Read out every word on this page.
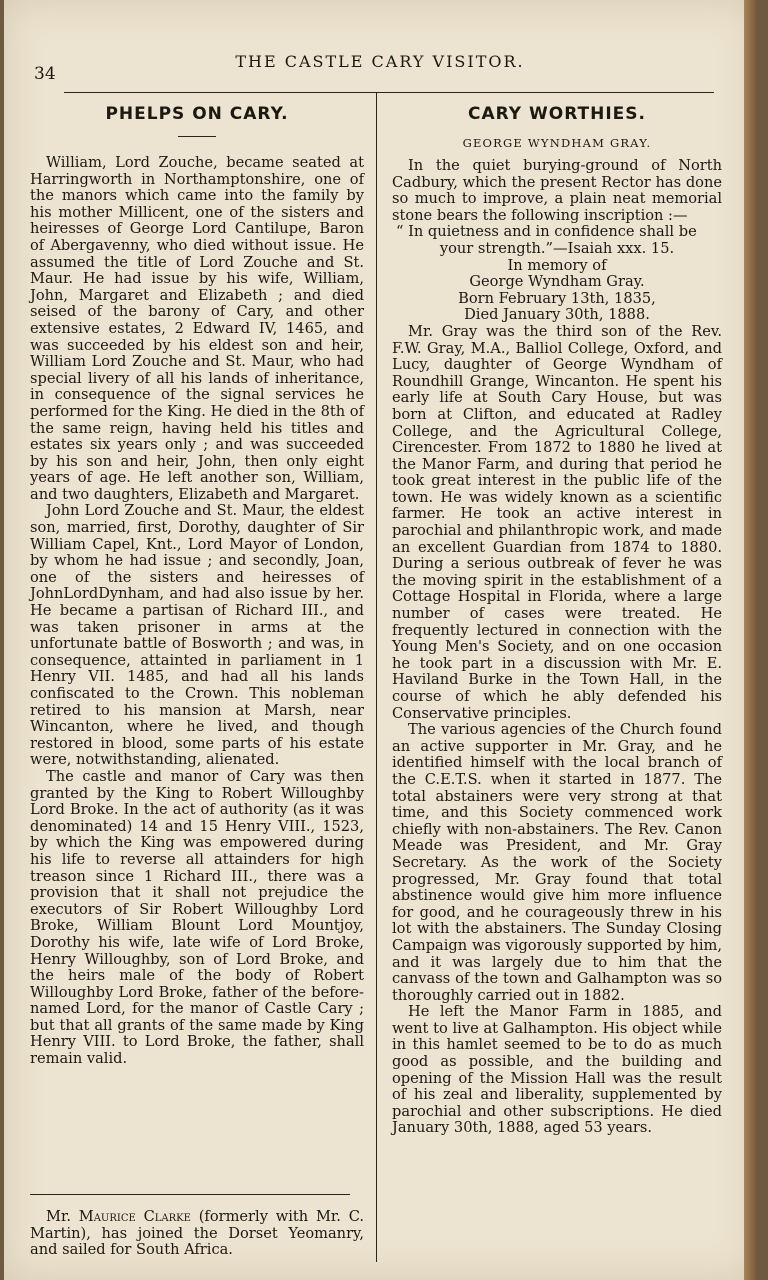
34
THE CASTLE CARY VISITOR.
PHELPS ON CARY.

William, Lord Zouche, became seated at Harringworth in Northamptonshire, one of the manors which came into the family by his mother Millicent, one of the sisters and heiresses of George Lord Cantilupe, Baron of Abergavenny, who died without issue. He assumed the title of Lord Zouche and St. Maur. He had issue by his wife, William, John, Margaret and Elizabeth ; and died seised of the barony of Cary, and other extensive estates, 2 Edward IV, 1465, and was succeeded by his eldest son and heir, William Lord Zouche and St. Maur, who had special livery of all his lands of inheritance, in consequence of the signal services he performed for the King. He died in the 8th of the same reign, having held his titles and estates six years only ; and was succeeded by his son and heir, John, then only eight years of age. He left another son, William, and two daughters, Elizabeth and Margaret.

John Lord Zouche and St. Maur, the eldest son, married, first, Dorothy, daughter of Sir William Capel, Knt., Lord Mayor of London, by whom he had issue ; and secondly, Joan, one of the sisters and heiresses of JohnLordDynham, and had also issue by her. He became a partisan of Richard III., and was taken prisoner in arms at the unfortunate battle of Bosworth ; and was, in consequence, attainted in parliament in 1 Henry VII. 1485, and had all his lands confiscated to the Crown. This nobleman retired to his mansion at Marsh, near Wincanton, where he lived, and though restored in blood, some parts of his estate were, notwithstanding, alienated.

The castle and manor of Cary was then granted by the King to Robert Willoughby Lord Broke. In the act of authority (as it was denominated) 14 and 15 Henry VIII., 1523, by which the King was empowered during his life to reverse all attainders for high treason since 1 Richard III., there was a provision that it shall not prejudice the executors of Sir Robert Willoughby Lord Broke, William Blount Lord Mountjoy, Dorothy his wife, late wife of Lord Broke, Henry Willoughby, son of Lord Broke, and the heirs male of the body of Robert Willoughby Lord Broke, father of the before-named Lord, for the manor of Castle Cary ; but that all grants of the same made by King Henry VIII. to Lord Broke, the father, shall remain valid.

Mr. Maurice Clarke (formerly with Mr. C. Martin), has joined the Dorset Yeomanry, and sailed for South Africa.

CARY WORTHIES.
GEORGE WYNDHAM GRAY.

In the quiet burying-ground of North Cadbury, which the present Rector has done so much to improve, a plain neat memorial stone bears the following inscription :—

“ In quietness and in confidence shall be

your strength.”—Isaiah xxx. 15.

In memory of

George Wyndham Gray.

Born February 13th, 1835,

Died January 30th, 1888.

Mr. Gray was the third son of the Rev. F.W. Gray, M.A., Balliol College, Oxford, and Lucy, daughter of George Wyndham of Roundhill Grange, Wincanton. He spent his early life at South Cary House, but was born at Clifton, and educated at Radley College, and the Agricultural College, Cirencester. From 1872 to 1880 he lived at the Manor Farm, and during that period he took great interest in the public life of the town. He was widely known as a scientific farmer. He took an active interest in parochial and philanthropic work, and made an excellent Guardian from 1874 to 1880. During a serious outbreak of fever he was the moving spirit in the establishment of a Cottage Hospital in Florida, where a large number of cases were treated. He frequently lectured in connection with the Young Men's Society, and on one occasion he took part in a discussion with Mr. E. Haviland Burke in the Town Hall, in the course of which he ably defended his Conservative principles.

The various agencies of the Church found an active supporter in Mr. Gray, and he identified himself with the local branch of the C.E.T.S. when it started in 1877. The total abstainers were very strong at that time, and this Society commenced work chiefly with non-abstainers. The Rev. Canon Meade was President, and Mr. Gray Secretary. As the work of the Society progressed, Mr. Gray found that total abstinence would give him more influence for good, and he courageously threw in his lot with the abstainers. The Sunday Closing Campaign was vigorously supported by him, and it was largely due to him that the canvass of the town and Galhampton was so thoroughly carried out in 1882.

He left the Manor Farm in 1885, and went to live at Galhampton. His object while in this hamlet seemed to be to do as much good as possible, and the building and opening of the Mission Hall was the result of his zeal and liberality, supplemented by parochial and other subscriptions. He died January 30th, 1888, aged 53 years.
